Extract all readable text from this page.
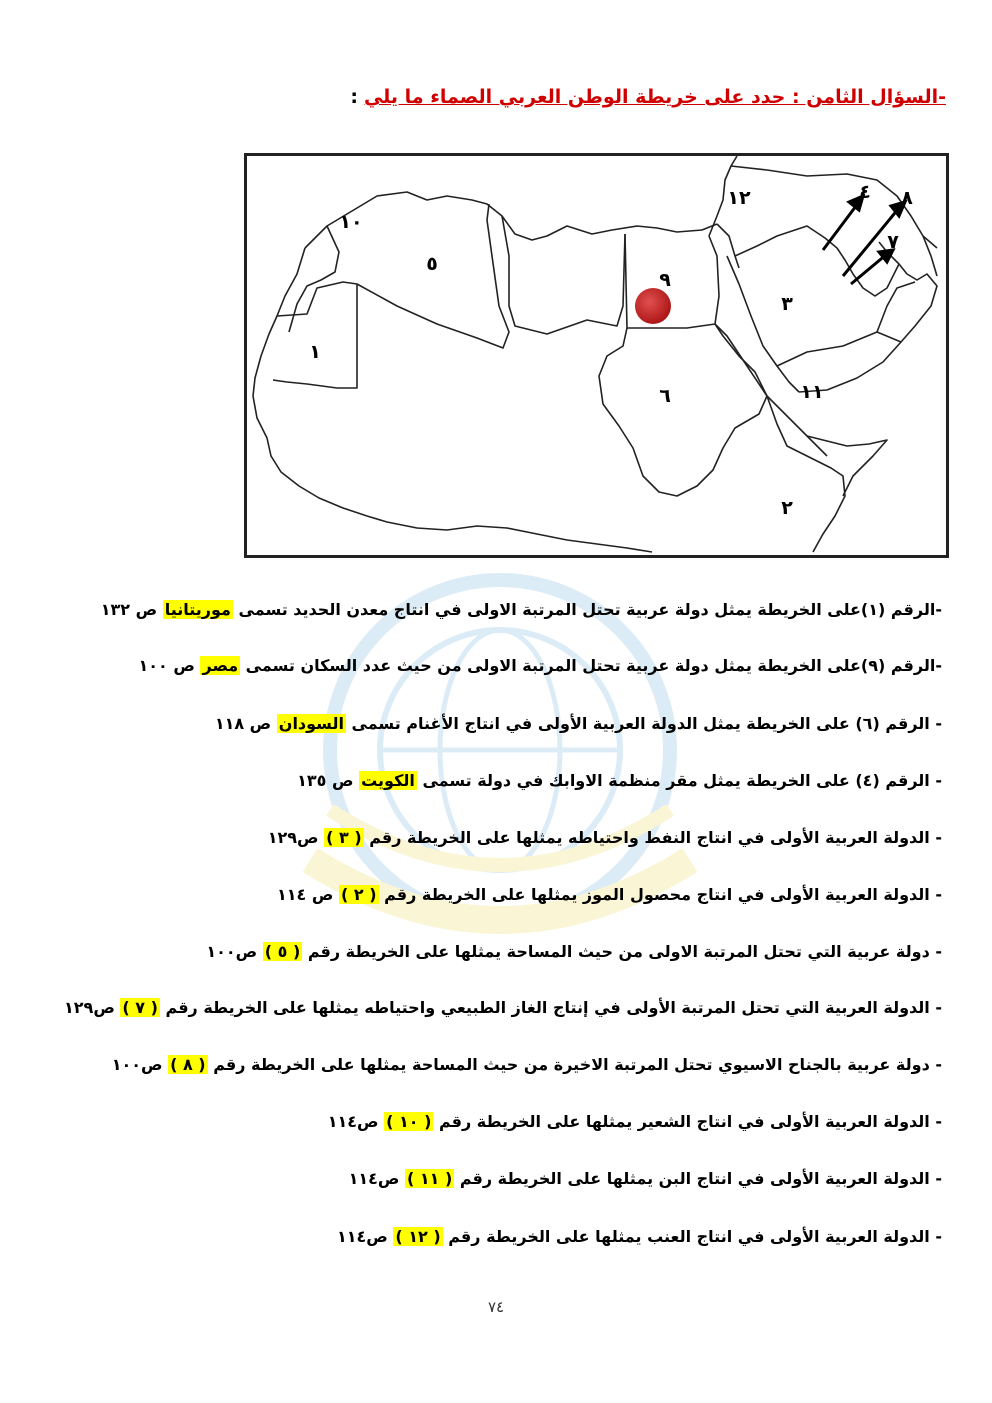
-السؤال الثامن : حدد على خريطة الوطن العربي الصماء ما يلي:
١٠
٥
١
٩
٦
١٢
٣
١١
٢
٤ ٨
٧
-الرقم (١)على الخريطة يمثل دولة عربية تحتل المرتبة الاولى في انتاج معدن الحديد تسمى موريتانيا ص ١٣٢
-الرقم (٩)على الخريطة يمثل دولة عربية تحتل المرتبة الاولى من حيث عدد السكان تسمى مصر ص ١٠٠
- الرقم (٦) على الخريطة يمثل الدولة العربية الأولى في انتاج الأغنام تسمى السودان ص ١١٨
- الرقم (٤) على الخريطة يمثل مقر منظمة الاوابك في دولة تسمى الكويت ص ١٣٥
- الدولة العربية الأولى في انتاج النفط واحتياطه يمثلها على الخريطة رقم ( ٣ ) ص١٢٩
- الدولة العربية الأولى في انتاج محصول الموز يمثلها على الخريطة رقم ( ٢ ) ص ١١٤
- دولة عربية التي تحتل المرتبة الاولى من حيث المساحة يمثلها على الخريطة رقم ( ٥ ) ص١٠٠
- الدولة العربية التي تحتل المرتبة الأولى في إنتاج الغاز الطبيعي واحتياطه يمثلها على الخريطة رقم ( ٧ ) ص١٢٩
- دولة عربية بالجناح الاسيوي تحتل المرتبة الاخيرة من حيث المساحة يمثلها على الخريطة رقم ( ٨ ) ص١٠٠
- الدولة العربية الأولى في انتاج الشعير يمثلها على الخريطة رقم ( ١٠ ) ص١١٤
- الدولة العربية الأولى في انتاج البن يمثلها على الخريطة رقم ( ١١ ) ص١١٤
- الدولة العربية الأولى في انتاج العنب يمثلها على الخريطة رقم ( ١٢ ) ص١١٤
٧٤
